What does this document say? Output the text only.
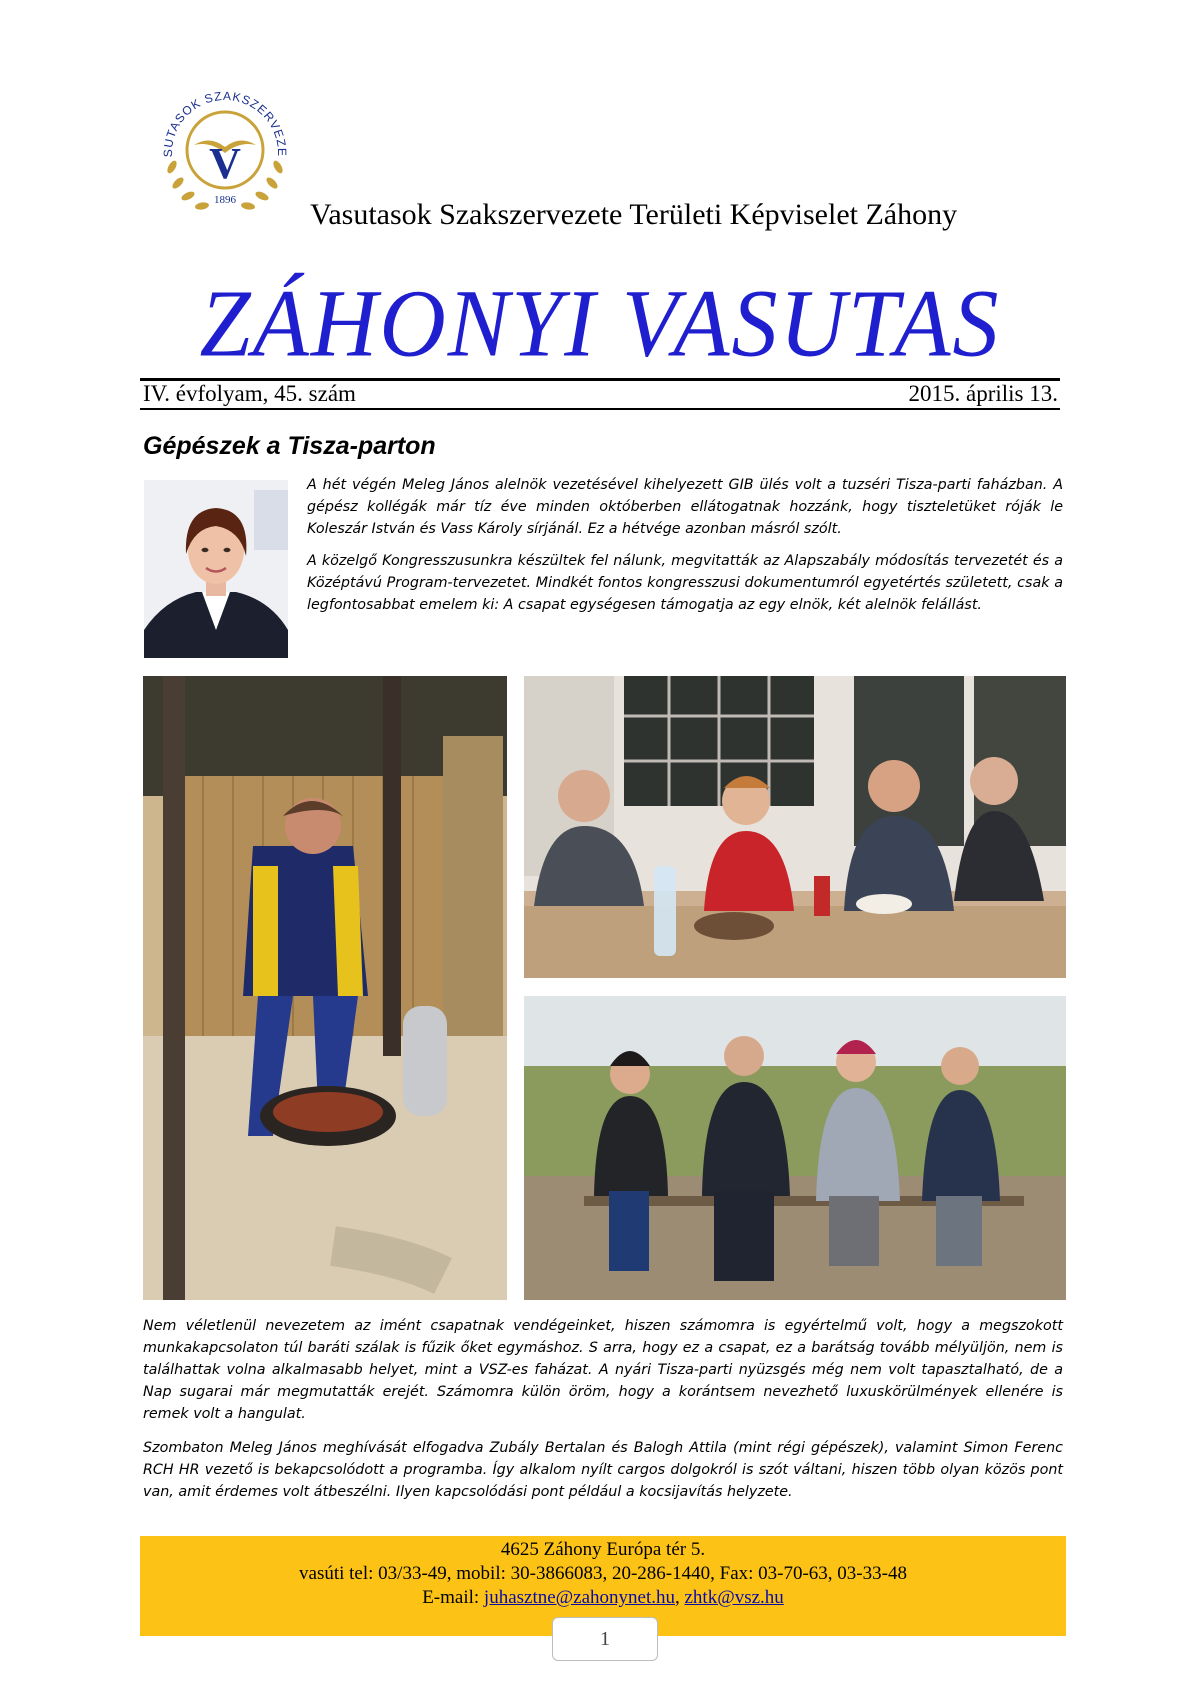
SUTASOK SZAKSZERVEZE
V
1896 Vasutasok Szakszervezete Területi Képviselet Záhony
ZÁHONYI VASUTAS
IV. évfolyam, 45. szám	2015. április 13.
Gépészek a Tisza-parton

A hét végén Meleg János alelnök vezetésével kihelyezett GIB ülés volt a tuzséri Tisza-parti faházban. A gépész kollégák már tíz éve minden októberben ellátogatnak hozzánk, hogy tiszteletüket róják le Koleszár István és Vass Károly sírjánál. Ez a hétvége azonban másról szólt.

A közelgő Kongresszusunkra készültek fel nálunk, megvitatták az Alapszabály módosítás tervezetét és a Középtávú Program-tervezetet. Mindkét fontos kongresszusi dokumentumról egyetértés született, csak a legfontosabbat emelem ki: A csapat egységesen támogatja az egy elnök, két alelnök felállást.

Nem véletlenül nevezetem az imént csapatnak vendégeinket, hiszen számomra is egyértelmű volt, hogy a megszokott munkakapcsolaton túl baráti szálak is fűzik őket egymáshoz. S arra, hogy ez a csapat, ez a barátság tovább mélyüljön, nem is találhattak volna alkalmasabb helyet, mint a VSZ-es faházat. A nyári Tisza-parti nyüzsgés még nem volt tapasztalható, de a Nap sugarai már megmutatták erejét. Számomra külön öröm, hogy a korántsem nevezhető luxuskörülmények ellenére is remek volt a hangulat.

Szombaton Meleg János meghívását elfogadva Zubály Bertalan és Balogh Attila (mint régi gépészek), valamint Simon Ferenc RCH HR vezető is bekapcsolódott a programba. Így alkalom nyílt cargos dolgokról is szót váltani, hiszen több olyan közös pont van, amit érdemes volt átbeszélni. Ilyen kapcsolódási pont például a kocsijavítás helyzete.

4625 Záhony Európa tér 5.
vasúti tel: 03/33-49, mobil: 30-3866083, 20-286-1440, Fax: 03-70-63, 03-33-48
E-mail: juhasztne@zahonynet.hu, zhtk@vsz.hu
1
